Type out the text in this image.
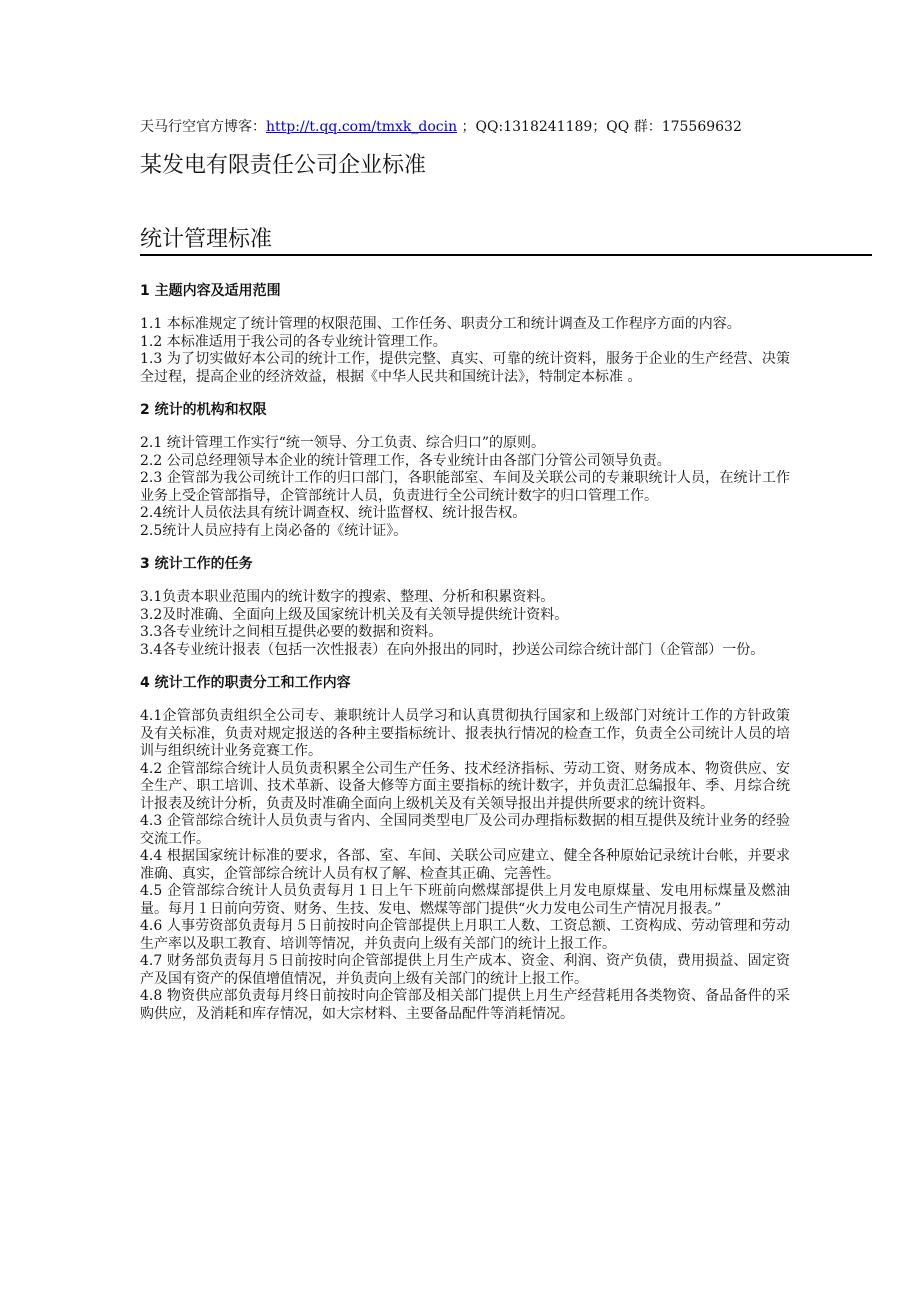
天马行空官方博客：http://t.qq.com/tmxk_docin ；QQ:1318241189；QQ 群：175569632
某发电有限责任公司企业标准
统计管理标准
1 主题内容及适用范围

1.1 本标准规定了统计管理的权限范围、工作任务、职责分工和统计调查及工作程序方面的内容。

1.2 本标准适用于我公司的各专业统计管理工作。

1.3 为了切实做好本公司的统计工作，提供完整、真实、可靠的统计资料，服务于企业的生产经营、决策全过程，提高企业的经济效益，根据《中华人民共和国统计法》，特制定本标准 。

2 统计的机构和权限

2.1 统计管理工作实行“统一领导、分工负责、综合归口”的原则。

2.2 公司总经理领导本企业的统计管理工作，各专业统计由各部门分管公司领导负责。

2.3 企管部为我公司统计工作的归口部门，各职能部室、车间及关联公司的专兼职统计人员，在统计工作业务上受企管部指导，企管部统计人员，负责进行全公司统计数字的归口管理工作。

2.4统计人员依法具有统计调查权、统计监督权、统计报告权。

2.5统计人员应持有上岗必备的《统计证》。

3 统计工作的任务

3.1负责本职业范围内的统计数字的搜索、整理、分析和积累资料。

3.2及时准确、全面向上级及国家统计机关及有关领导提供统计资料。

3.3各专业统计之间相互提供必要的数据和资料。

3.4各专业统计报表（包括一次性报表）在向外报出的同时，抄送公司综合统计部门（企管部）一份。

4 统计工作的职责分工和工作内容

4.1企管部负责组织全公司专、兼职统计人员学习和认真贯彻执行国家和上级部门对统计工作的方针政策及有关标准，负责对规定报送的各种主要指标统计、报表执行情况的检查工作，负责全公司统计人员的培训与组织统计业务竞赛工作。

4.2 企管部综合统计人员负责积累全公司生产任务、技术经济指标、劳动工资、财务成本、物资供应、安全生产、职工培训、技术革新、设备大修等方面主要指标的统计数字，并负责汇总编报年、季、月综合统计报表及统计分析，负责及时准确全面向上级机关及有关领导报出并提供所要求的统计资料。

4.3 企管部综合统计人员负责与省内、全国同类型电厂及公司办理指标数据的相互提供及统计业务的经验交流工作。

4.4 根据国家统计标准的要求，各部、室、车间、关联公司应建立、健全各种原始记录统计台帐，并要求准确、真实，企管部综合统计人员有权了解、检查其正确、完善性。

4.5 企管部综合统计人员负责每月１日上午下班前向燃煤部提供上月发电原煤量、发电用标煤量及燃油量。每月１日前向劳资、财务、生技、发电、燃煤等部门提供“火力发电公司生产情况月报表。”

4.6 人事劳资部负责每月５日前按时向企管部提供上月职工人数、工资总额、工资构成、劳动管理和劳动生产率以及职工教育、培训等情况，并负责向上级有关部门的统计上报工作。

4.7 财务部负责每月５日前按时向企管部提供上月生产成本、资金、利润、资产负债，费用损益、固定资产及国有资产的保值增值情况，并负责向上级有关部门的统计上报工作。

4.8 物资供应部负责每月终日前按时向企管部及相关部门提供上月生产经营耗用各类物资、备品备件的采购供应，及消耗和库存情况，如大宗材料、主要备品配件等消耗情况。
